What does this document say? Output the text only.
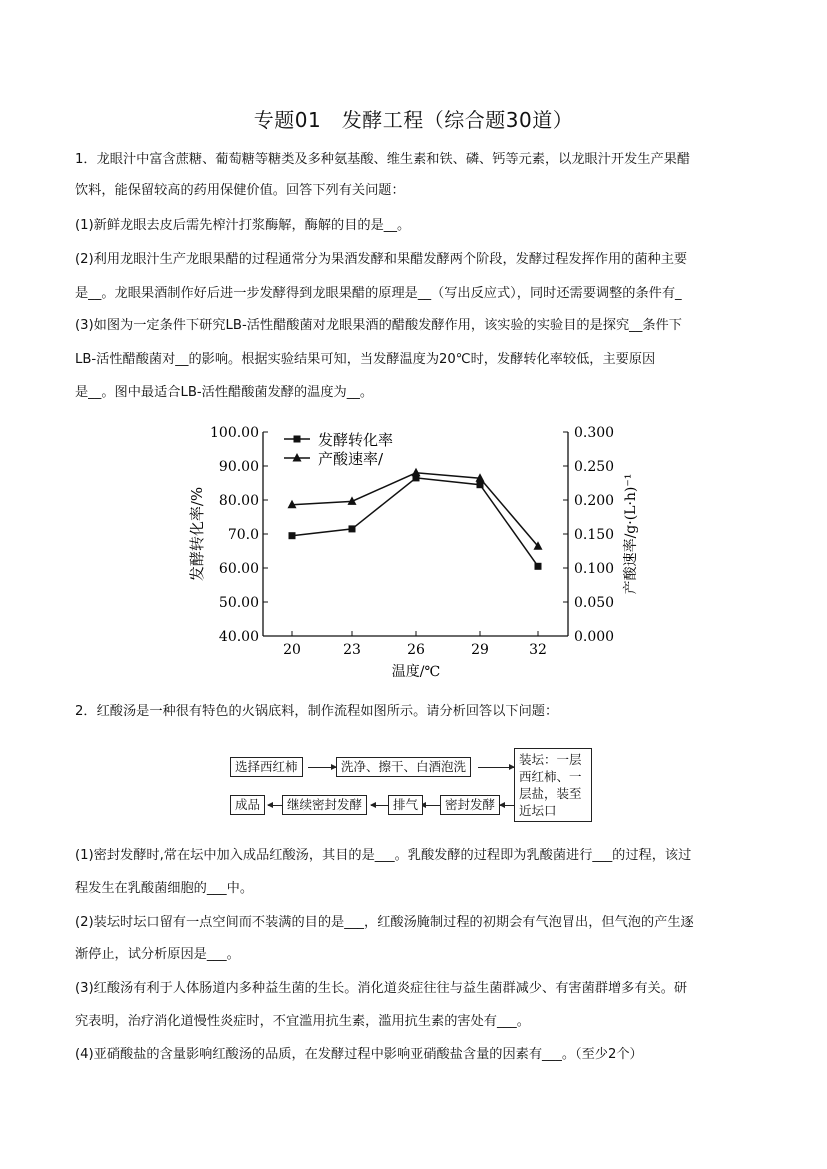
专题01　发酵工程（综合题30道）
1．龙眼汁中富含蔗糖、葡萄糖等糖类及多种氨基酸、维生素和铁、磷、钙等元素，以龙眼汁开发生产果醋
饮料，能保留较高的药用保健价值。回答下列有关问题：
(1)新鲜龙眼去皮后需先榨汁打浆酶解，酶解的目的是__。
(2)利用龙眼汁生产龙眼果醋的过程通常分为果酒发酵和果醋发酵两个阶段，发酵过程发挥作用的菌种主要
是__。龙眼果酒制作好后进一步发酵得到龙眼果醋的原理是__（写出反应式），同时还需要调整的条件有_
(3)如图为一定条件下研究LB-活性醋酸菌对龙眼果酒的醋酸发酵作用，该实验的实验目的是探究__条件下
LB-活性醋酸菌对__的影响。根据实验结果可知，当发酵温度为20℃时，发酵转化率较低，主要原因
是__。图中最适合LB-活性醋酸菌发酵的温度为__。
40.00
50.00
60.00
70.0
80.00
90.00
100.00
0.000
0.050
0.100
0.150
0.200
0.250
0.300
20	23	26	29	32
温度/℃
发酵转化率/%	产酸速率/g·(L·h)⁻¹
发酵转化率
产酸速率/
2．红酸汤是一种很有特色的火锅底料，制作流程如图所示。请分析回答以下问题：
选择西红柿	洗净、擦干、白酒泡洗	装坛：一层西红柿、一层盐，装至近坛口
密封发酵
排气
继续密封发酵
成品
(1)密封发酵时,常在坛中加入成品红酸汤，其目的是___。乳酸发酵的过程即为乳酸菌进行___的过程，该过
程发生在乳酸菌细胞的___中。
(2)装坛时坛口留有一点空间而不装满的目的是___，红酸汤腌制过程的初期会有气泡冒出，但气泡的产生逐
渐停止，试分析原因是___。
(3)红酸汤有利于人体肠道内多种益生菌的生长。消化道炎症往往与益生菌群减少、有害菌群增多有关。研
究表明，治疗消化道慢性炎症时，不宜滥用抗生素，滥用抗生素的害处有___。
(4)亚硝酸盐的含量影响红酸汤的品质，在发酵过程中影响亚硝酸盐含量的因素有___。（至少2个）
